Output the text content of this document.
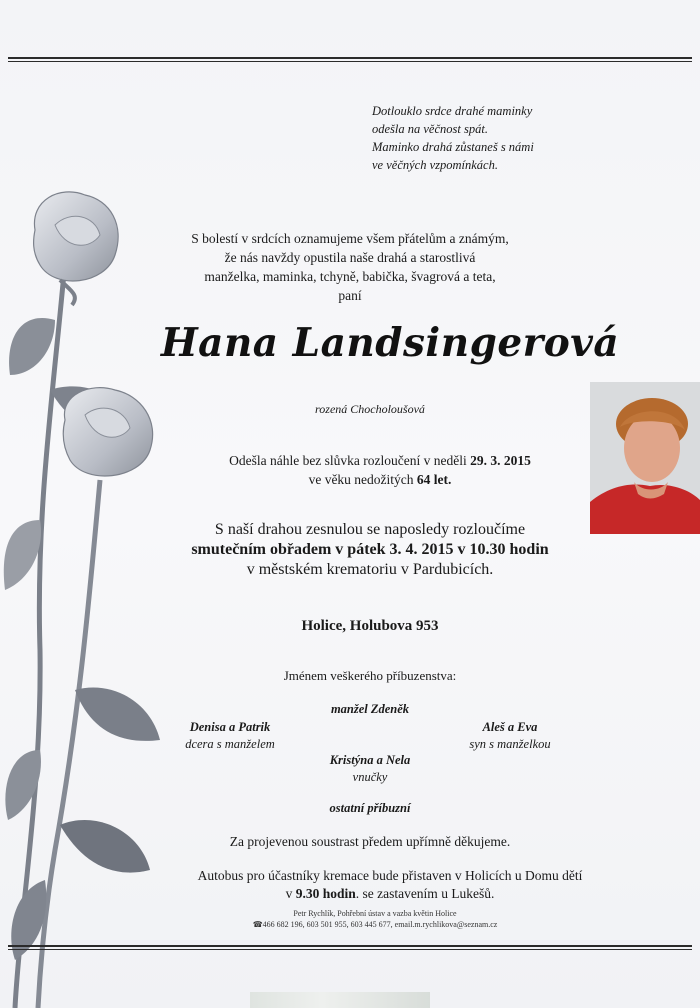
Dotlouklo srdce drahé maminky
odešla na věčnost spát.
Maminko drahá zůstaneš s námi
ve věčných vzpomínkách.
S bolestí v srdcích oznamujeme všem přátelům a známým,
že nás navždy opustila naše drahá a starostlivá
manželka, maminka, tchyně, babička, švagrová a teta,
paní
Hana Landsingerová
rozená Chocholoušová
Odešla náhle bez slůvka rozloučení v neděli 29. 3. 2015
ve věku nedožitých 64 let.
S naší drahou zesnulou se naposledy rozloučíme
smutečním obřadem v pátek 3. 4. 2015 v 10.30 hodin
v městském krematoriu v Pardubicích.
Holice, Holubova 953
Jménem veškerého příbuzenstva:
manžel Zdeněk
Denisa a Patrik
dcera s manželem
Aleš a Eva
syn s manželkou
Kristýna a Nela
vnučky
ostatní příbuzní
Za projevenou soustrast předem upřímně děkujeme.
Autobus pro účastníky kremace bude přistaven v Holicích u Domu dětí
v 9.30 hodin. se zastavením u Lukešů.
Petr Rychlík, Pohřební ústav a vazba květin Holice
☎466 682 196, 603 501 955, 603 445 677, email.m.rychlikova@seznam.cz
